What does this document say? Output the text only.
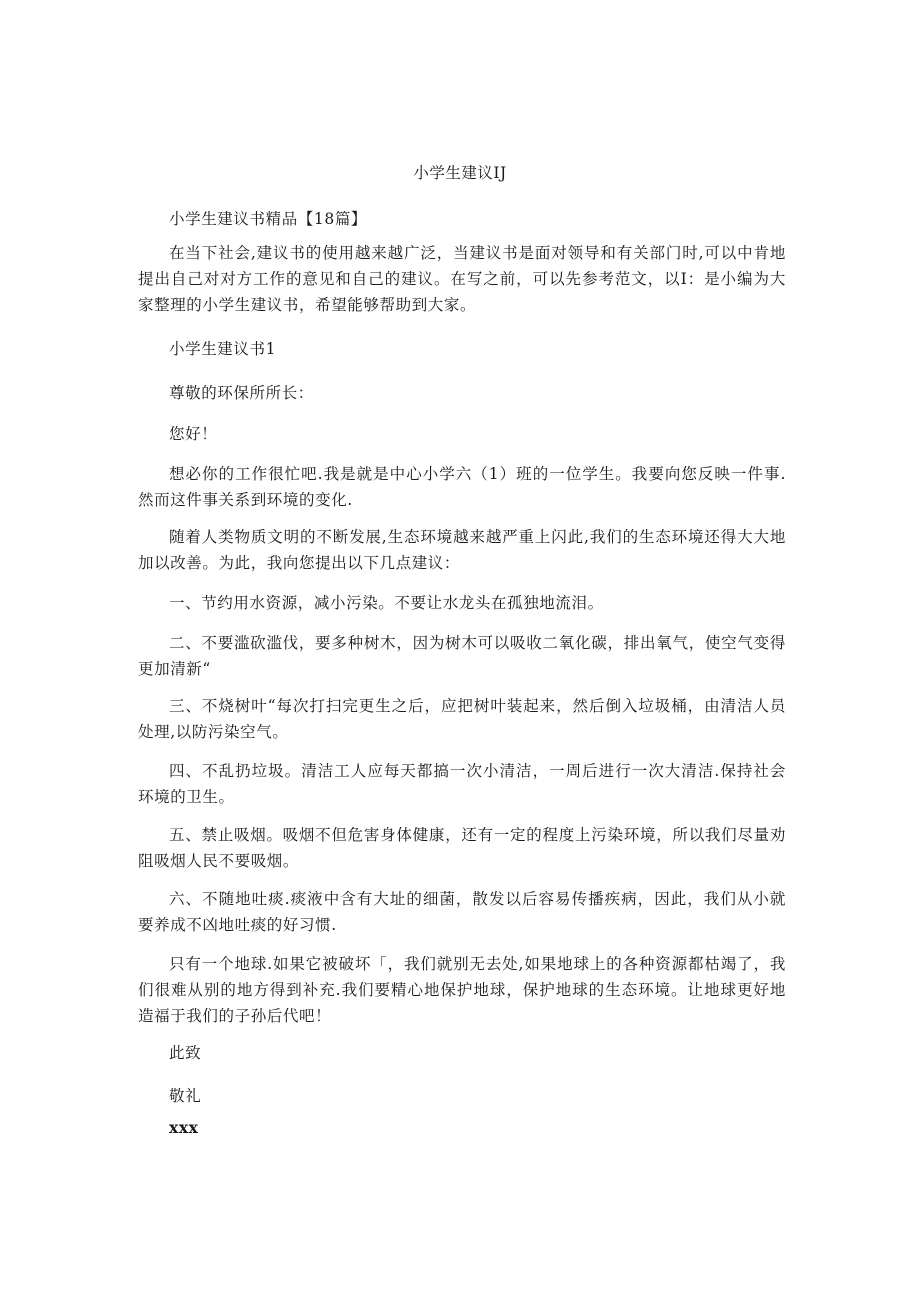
小学生建议IJ
小学生建议书精品【18篇】
在当下社会,建议书的使用越来越广泛，当建议书是面对领导和有关部门时,可以中肯地提出自己对对方工作的意见和自己的建议。在写之前，可以先参考范文，以I：是小编为大家整理的小学生建议书，希望能够帮助到大家。
小学生建议书1
尊敬的环保所所长：
您好！
想必你的工作很忙吧.我是就是中心小学六（1）班的一位学生。我要向您反映一件事.然而这件事关系到环境的变化.
随着人类物质文明的不断发展,生态环境越来越严重上闪此,我们的生态环境还得大大地加以改善。为此，我向您提出以下几点建议：
一、节约用水资源，减小污染。不要让水龙头在孤独地流泪。
二、不要滥砍滥伐，要多种树木，因为树木可以吸收二氧化碳，排出氧气，使空气变得更加清新“
三、不烧树叶“每次打扫完更生之后，应把树叶装起来，然后倒入垃圾桶，由清洁人员处理,以防污染空气。
四、不乱扔垃圾。清洁工人应每天都搞一次小清洁，一周后进行一次大清洁.保持社会环境的卫生。
五、禁止吸烟。吸烟不但危害身体健康，还有一定的程度上污染环境，所以我们尽量劝阻吸烟人民不要吸烟。
六、不随地吐痰.痰液中含有大址的细菌，散发以后容易传播疾病，因此，我们从小就要养成不凶地吐痰的好习惯.
只有一个地球.如果它被破坏「，我们就别无去处,如果地球上的各种资源都枯竭了，我们很难从别的地方得到补充.我们要精心地保护地球，保护地球的生态环境。让地球更好地造福于我们的子孙后代吧！
此致
敬礼
xxx
